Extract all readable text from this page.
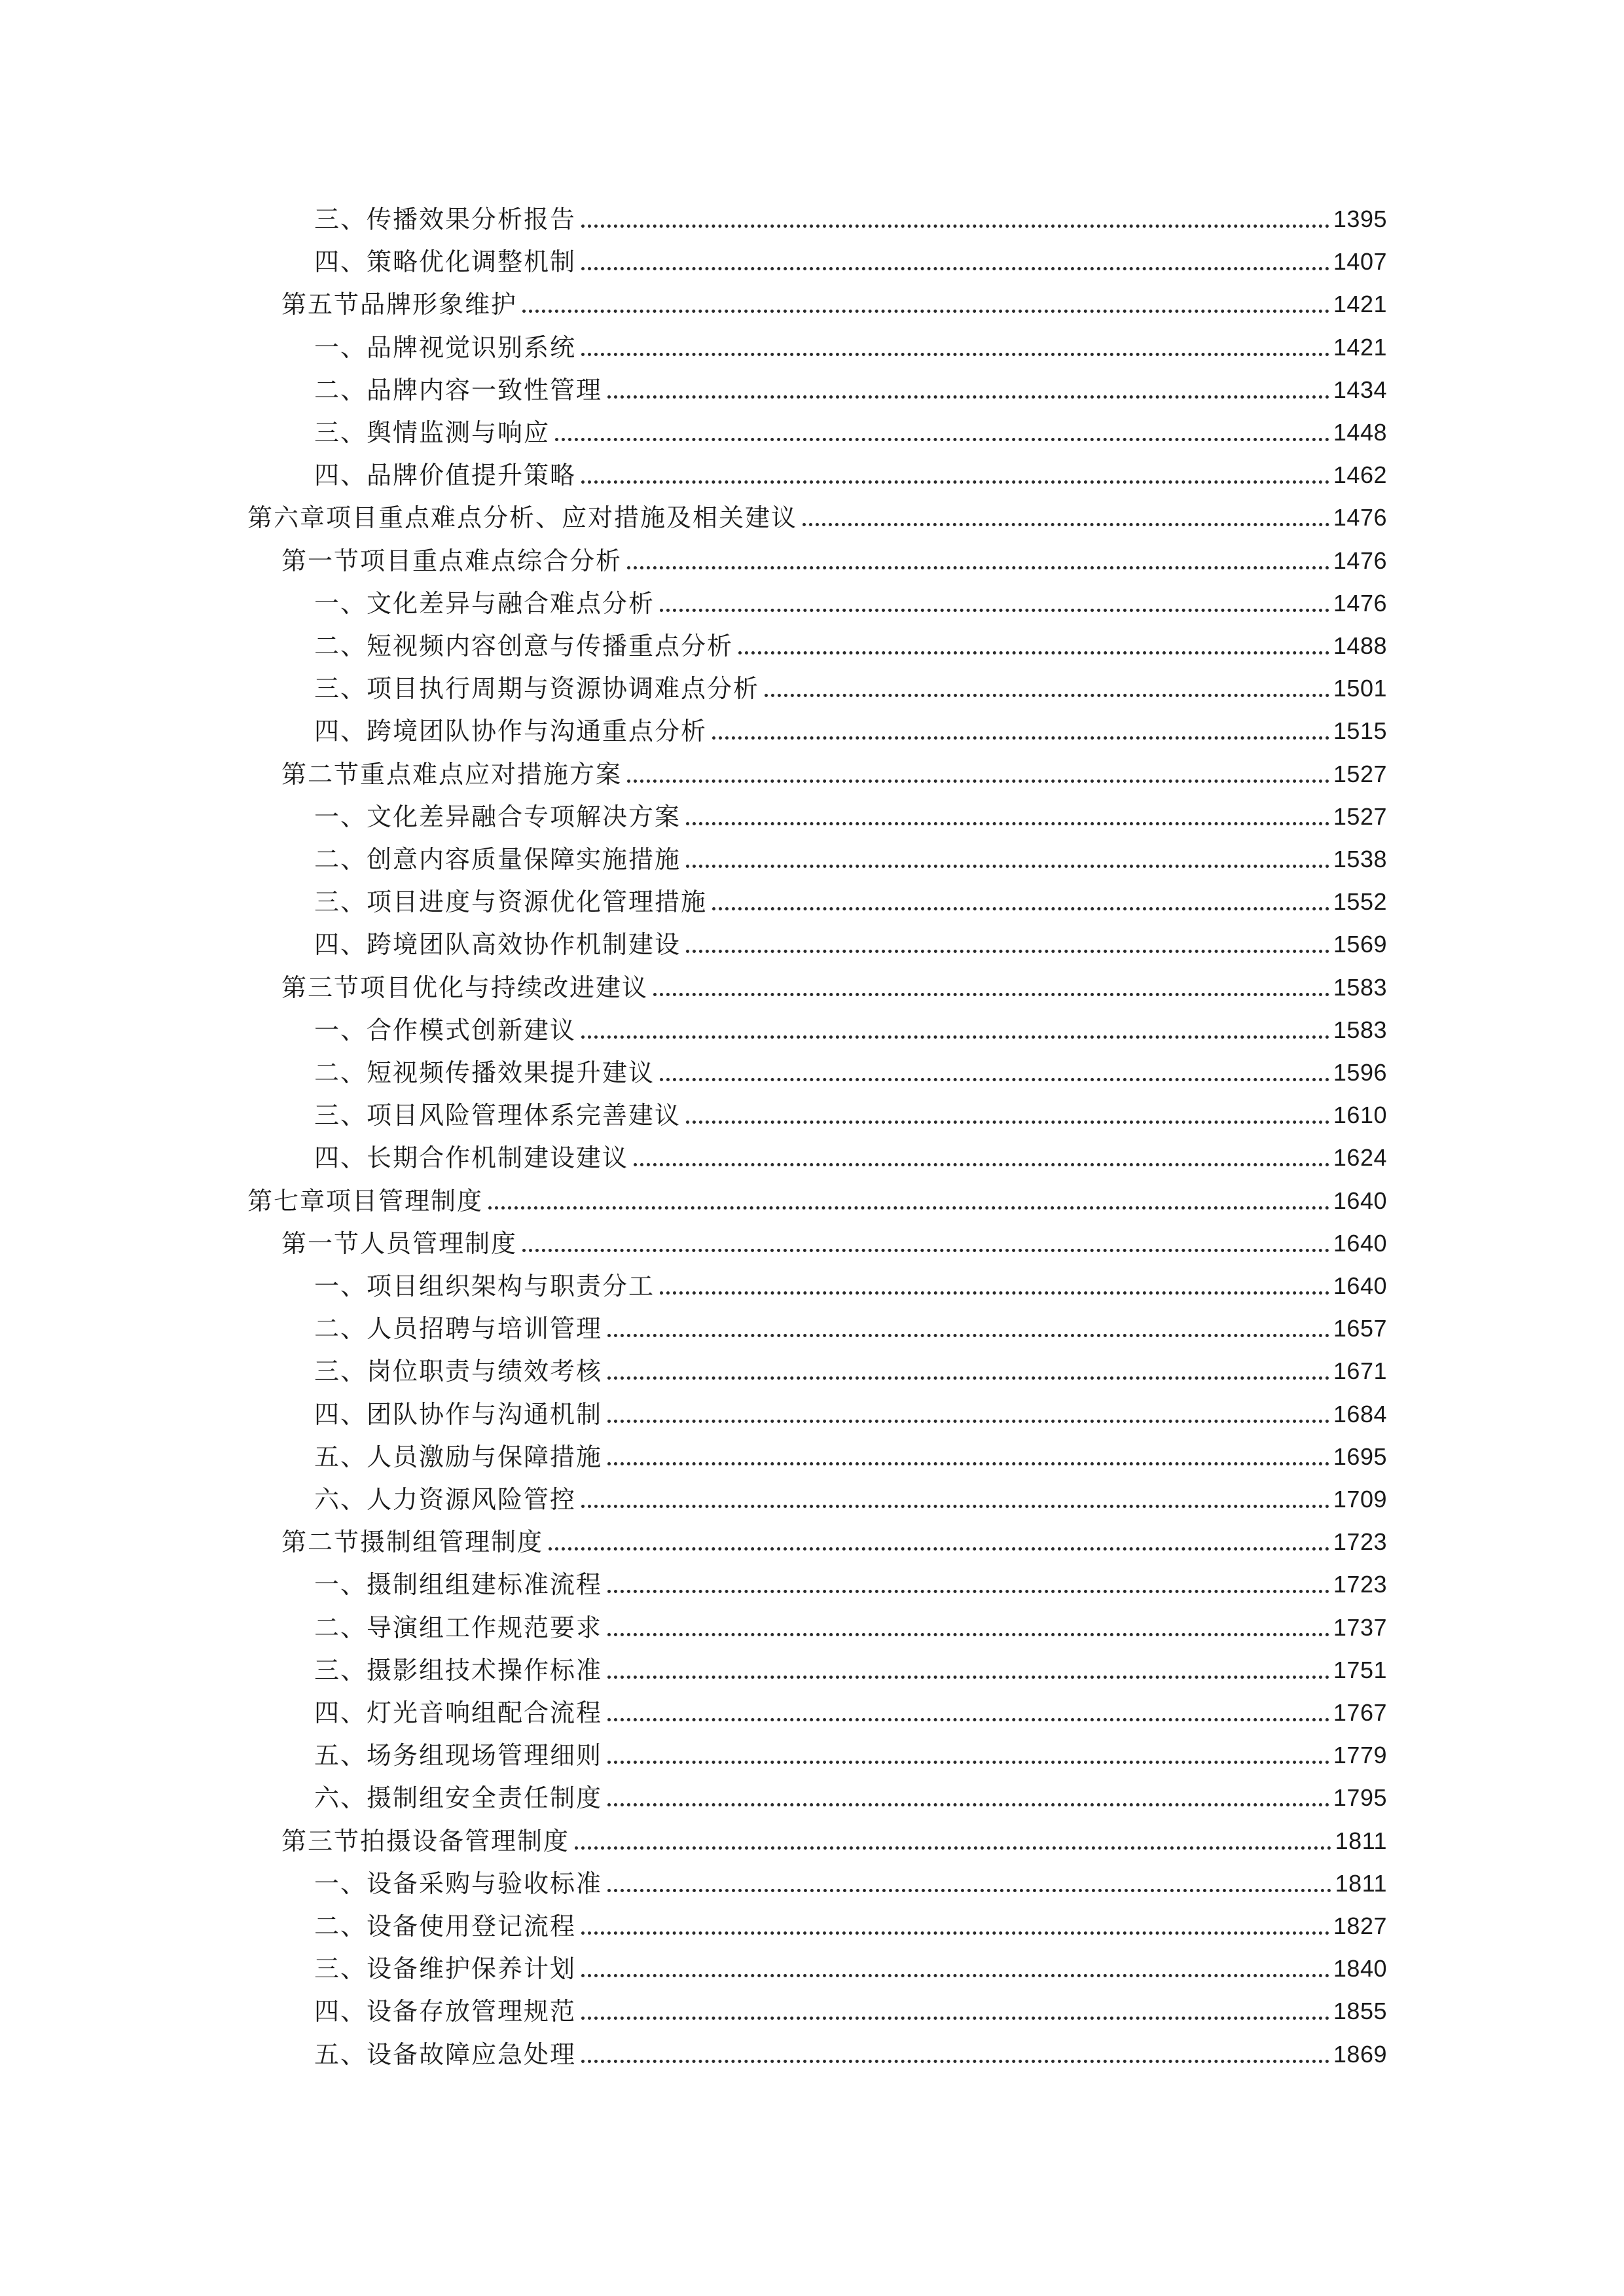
三、传播效果分析报告	1395
四、策略优化调整机制	1407
第五节品牌形象维护	1421
一、品牌视觉识别系统	1421
二、品牌内容一致性管理	1434
三、舆情监测与响应	1448
四、品牌价值提升策略	1462
第六章项目重点难点分析、应对措施及相关建议	1476
第一节项目重点难点综合分析	1476
一、文化差异与融合难点分析	1476
二、短视频内容创意与传播重点分析	1488
三、项目执行周期与资源协调难点分析	1501
四、跨境团队协作与沟通重点分析	1515
第二节重点难点应对措施方案	1527
一、文化差异融合专项解决方案	1527
二、创意内容质量保障实施措施	1538
三、项目进度与资源优化管理措施	1552
四、跨境团队高效协作机制建设	1569
第三节项目优化与持续改进建议	1583
一、合作模式创新建议	1583
二、短视频传播效果提升建议	1596
三、项目风险管理体系完善建议	1610
四、长期合作机制建设建议	1624
第七章项目管理制度	1640
第一节人员管理制度	1640
一、项目组织架构与职责分工	1640
二、人员招聘与培训管理	1657
三、岗位职责与绩效考核	1671
四、团队协作与沟通机制	1684
五、人员激励与保障措施	1695
六、人力资源风险管控	1709
第二节摄制组管理制度	1723
一、摄制组组建标准流程	1723
二、导演组工作规范要求	1737
三、摄影组技术操作标准	1751
四、灯光音响组配合流程	1767
五、场务组现场管理细则	1779
六、摄制组安全责任制度	1795
第三节拍摄设备管理制度	1811
一、设备采购与验收标准	1811
二、设备使用登记流程	1827
三、设备维护保养计划	1840
四、设备存放管理规范	1855
五、设备故障应急处理	1869
